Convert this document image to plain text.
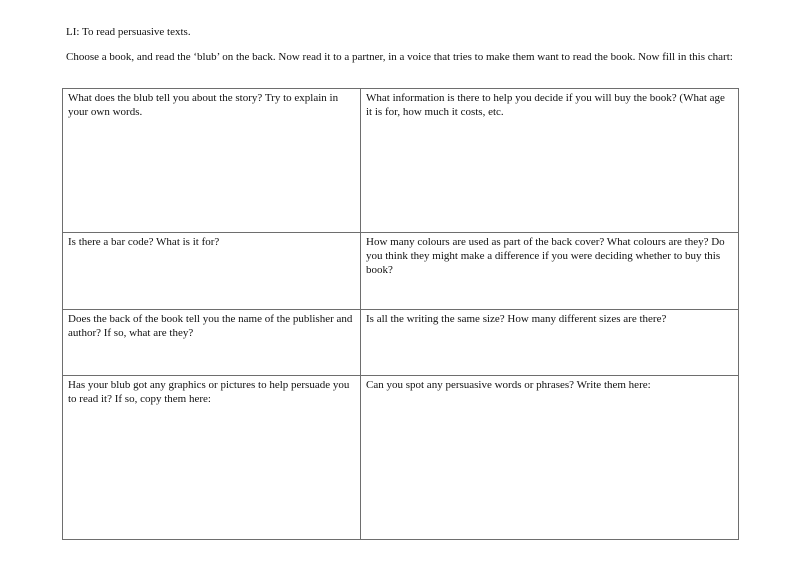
LI: To read persuasive texts.
Choose a book, and read the ‘blub’ on the back. Now read it to a partner, in a voice that tries to make them want to read the book. Now fill in this chart:
What does the blub tell you about the story? Try to explain in your own words.	What information is there to help you decide if you will buy the book? (What age it is for, how much it costs, etc.
Is there a bar code? What is it for?	How many colours are used as part of the back cover? What colours are they? Do you think they might make a difference if you were deciding whether to buy this book?
Does the back of the book tell you the name of the publisher and author? If so, what are they?	Is all the writing the same size? How many different sizes are there?
Has your blub got any graphics or pictures to help persuade you to read it? If so, copy them here:	Can you spot any persuasive words or phrases? Write them here:
